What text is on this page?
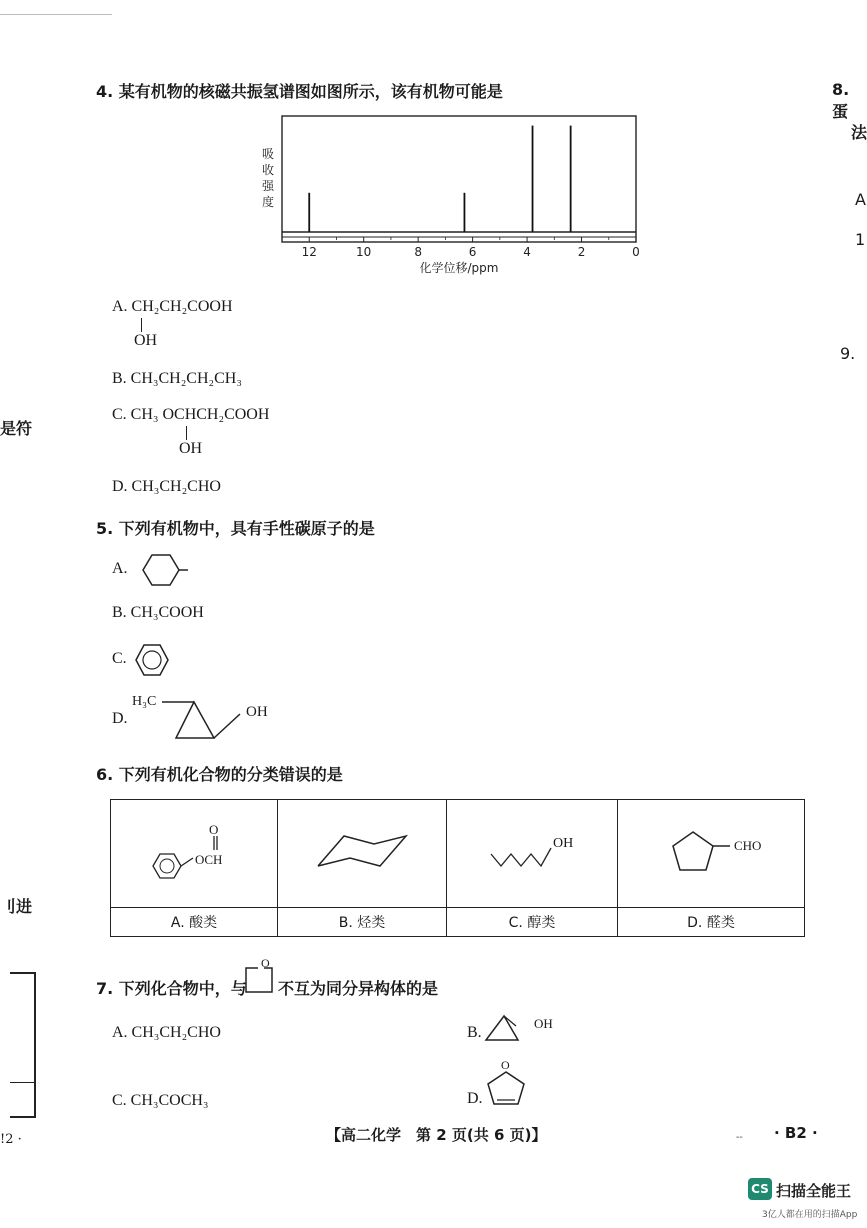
8. 蛋
法
A
1
9.
是符
刂进
!2 ·
4. 某有机物的核磁共振氢谱图如图所示，该有机物可能是
12	10	8	6	4	2	0
化学位移/ppm
吸
收
强
度
A. CH₂CH₂COOH
OH
B. CH₃CH₂CH₂CH₃
C. CH₃ OCHCH₂COOH
OH
D. CH₃CH₂CHO
5. 下列有机物中，具有手性碳原子的是
A.
B. CH₃COOH
C.
D.
H₃C
OH
6. 下列有机化合物的分类错误的是
O
OCH		OH	CHO

A. 酸类	B. 烃类	C. 醇类	D. 醛类
7. 下列化合物中，与
O
不互为同分异构体的是
A. CH₃CH₂CHO	B.
OH
C. CH₃COCH₃	D.
O
【高二化学　第 2 页(共 6 页)】	· B2 ·
--
CS 扫描全能王
3亿人都在用的扫描App
